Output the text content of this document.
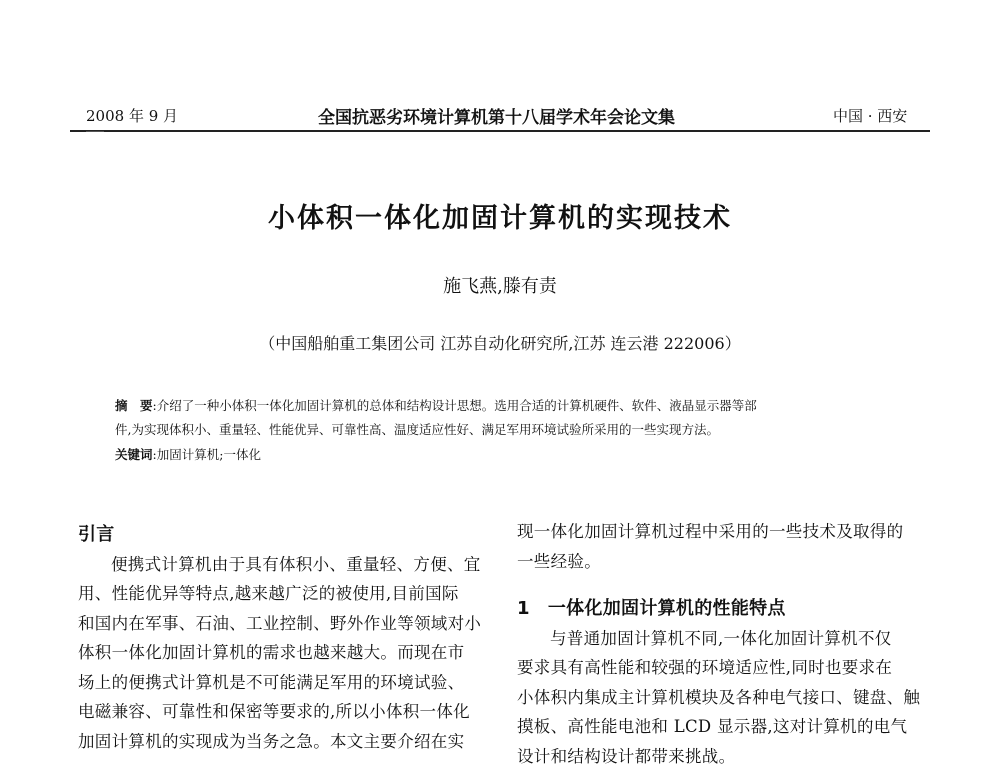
2008 年 9 月	全国抗恶劣环境计算机第十八届学术年会论文集	中国 · 西安
小体积一体化加固计算机的实现技术
施飞燕,滕有责
（中国船舶重工集团公司 江苏自动化研究所,江苏 连云港 222006）
摘　要:介绍了一种小体积一体化加固计算机的总体和结构设计思想。选用合适的计算机硬件、软件、液晶显示器等部
件,为实现体积小、重量轻、性能优异、可靠性高、温度适应性好、满足军用环境试验所采用的一些实现方法。
关键词:加固计算机;一体化
引言
便携式计算机由于具有体积小、重量轻、方便、宜
用、性能优异等特点,越来越广泛的被使用,目前国际
和国内在军事、石油、工业控制、野外作业等领域对小
体积一体化加固计算机的需求也越来越大。而现在市
场上的便携式计算机是不可能满足军用的环境试验、
电磁兼容、可靠性和保密等要求的,所以小体积一体化
加固计算机的实现成为当务之急。本文主要介绍在实
现一体化加固计算机过程中采用的一些技术及取得的
一些经验。
1 一体化加固计算机的性能特点
与普通加固计算机不同,一体化加固计算机不仅
要求具有高性能和较强的环境适应性,同时也要求在
小体积内集成主计算机模块及各种电气接口、键盘、触
摸板、高性能电池和 LCD 显示器,这对计算机的电气
设计和结构设计都带来挑战。
